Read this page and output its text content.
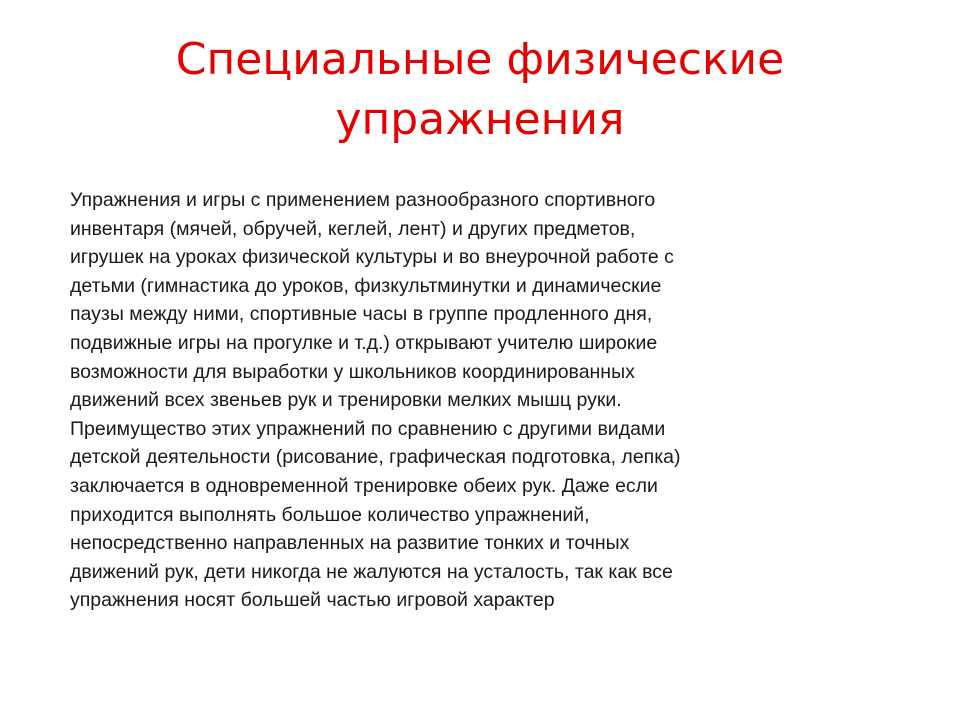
Специальные физические
упражнения

Упражнения и игры с применением разнообразного спортивного
инвентаря (мячей, обручей, кеглей, лент) и других предметов,
игрушек на уроках физической культуры и во внеурочной работе с
детьми (гимнастика до уроков, физкультминутки и динамические
паузы между ними, спортивные часы в группе продленного дня,
подвижные игры на прогулке и т.д.) открывают учителю широкие
возможности для выработки у школьников координированных
движений всех звеньев рук и тренировки мелких мышц руки.
Преимущество этих упражнений по сравнению с другими видами
детской деятельности (рисование, графическая подготовка, лепка)
заключается в одновременной тренировке обеих рук. Даже если
приходится выполнять большое количество упражнений,
непосредственно направленных на развитие тонких и точных
движений рук, дети никогда не жалуются на усталость, так как все
упражнения носят большей частью игровой характер
